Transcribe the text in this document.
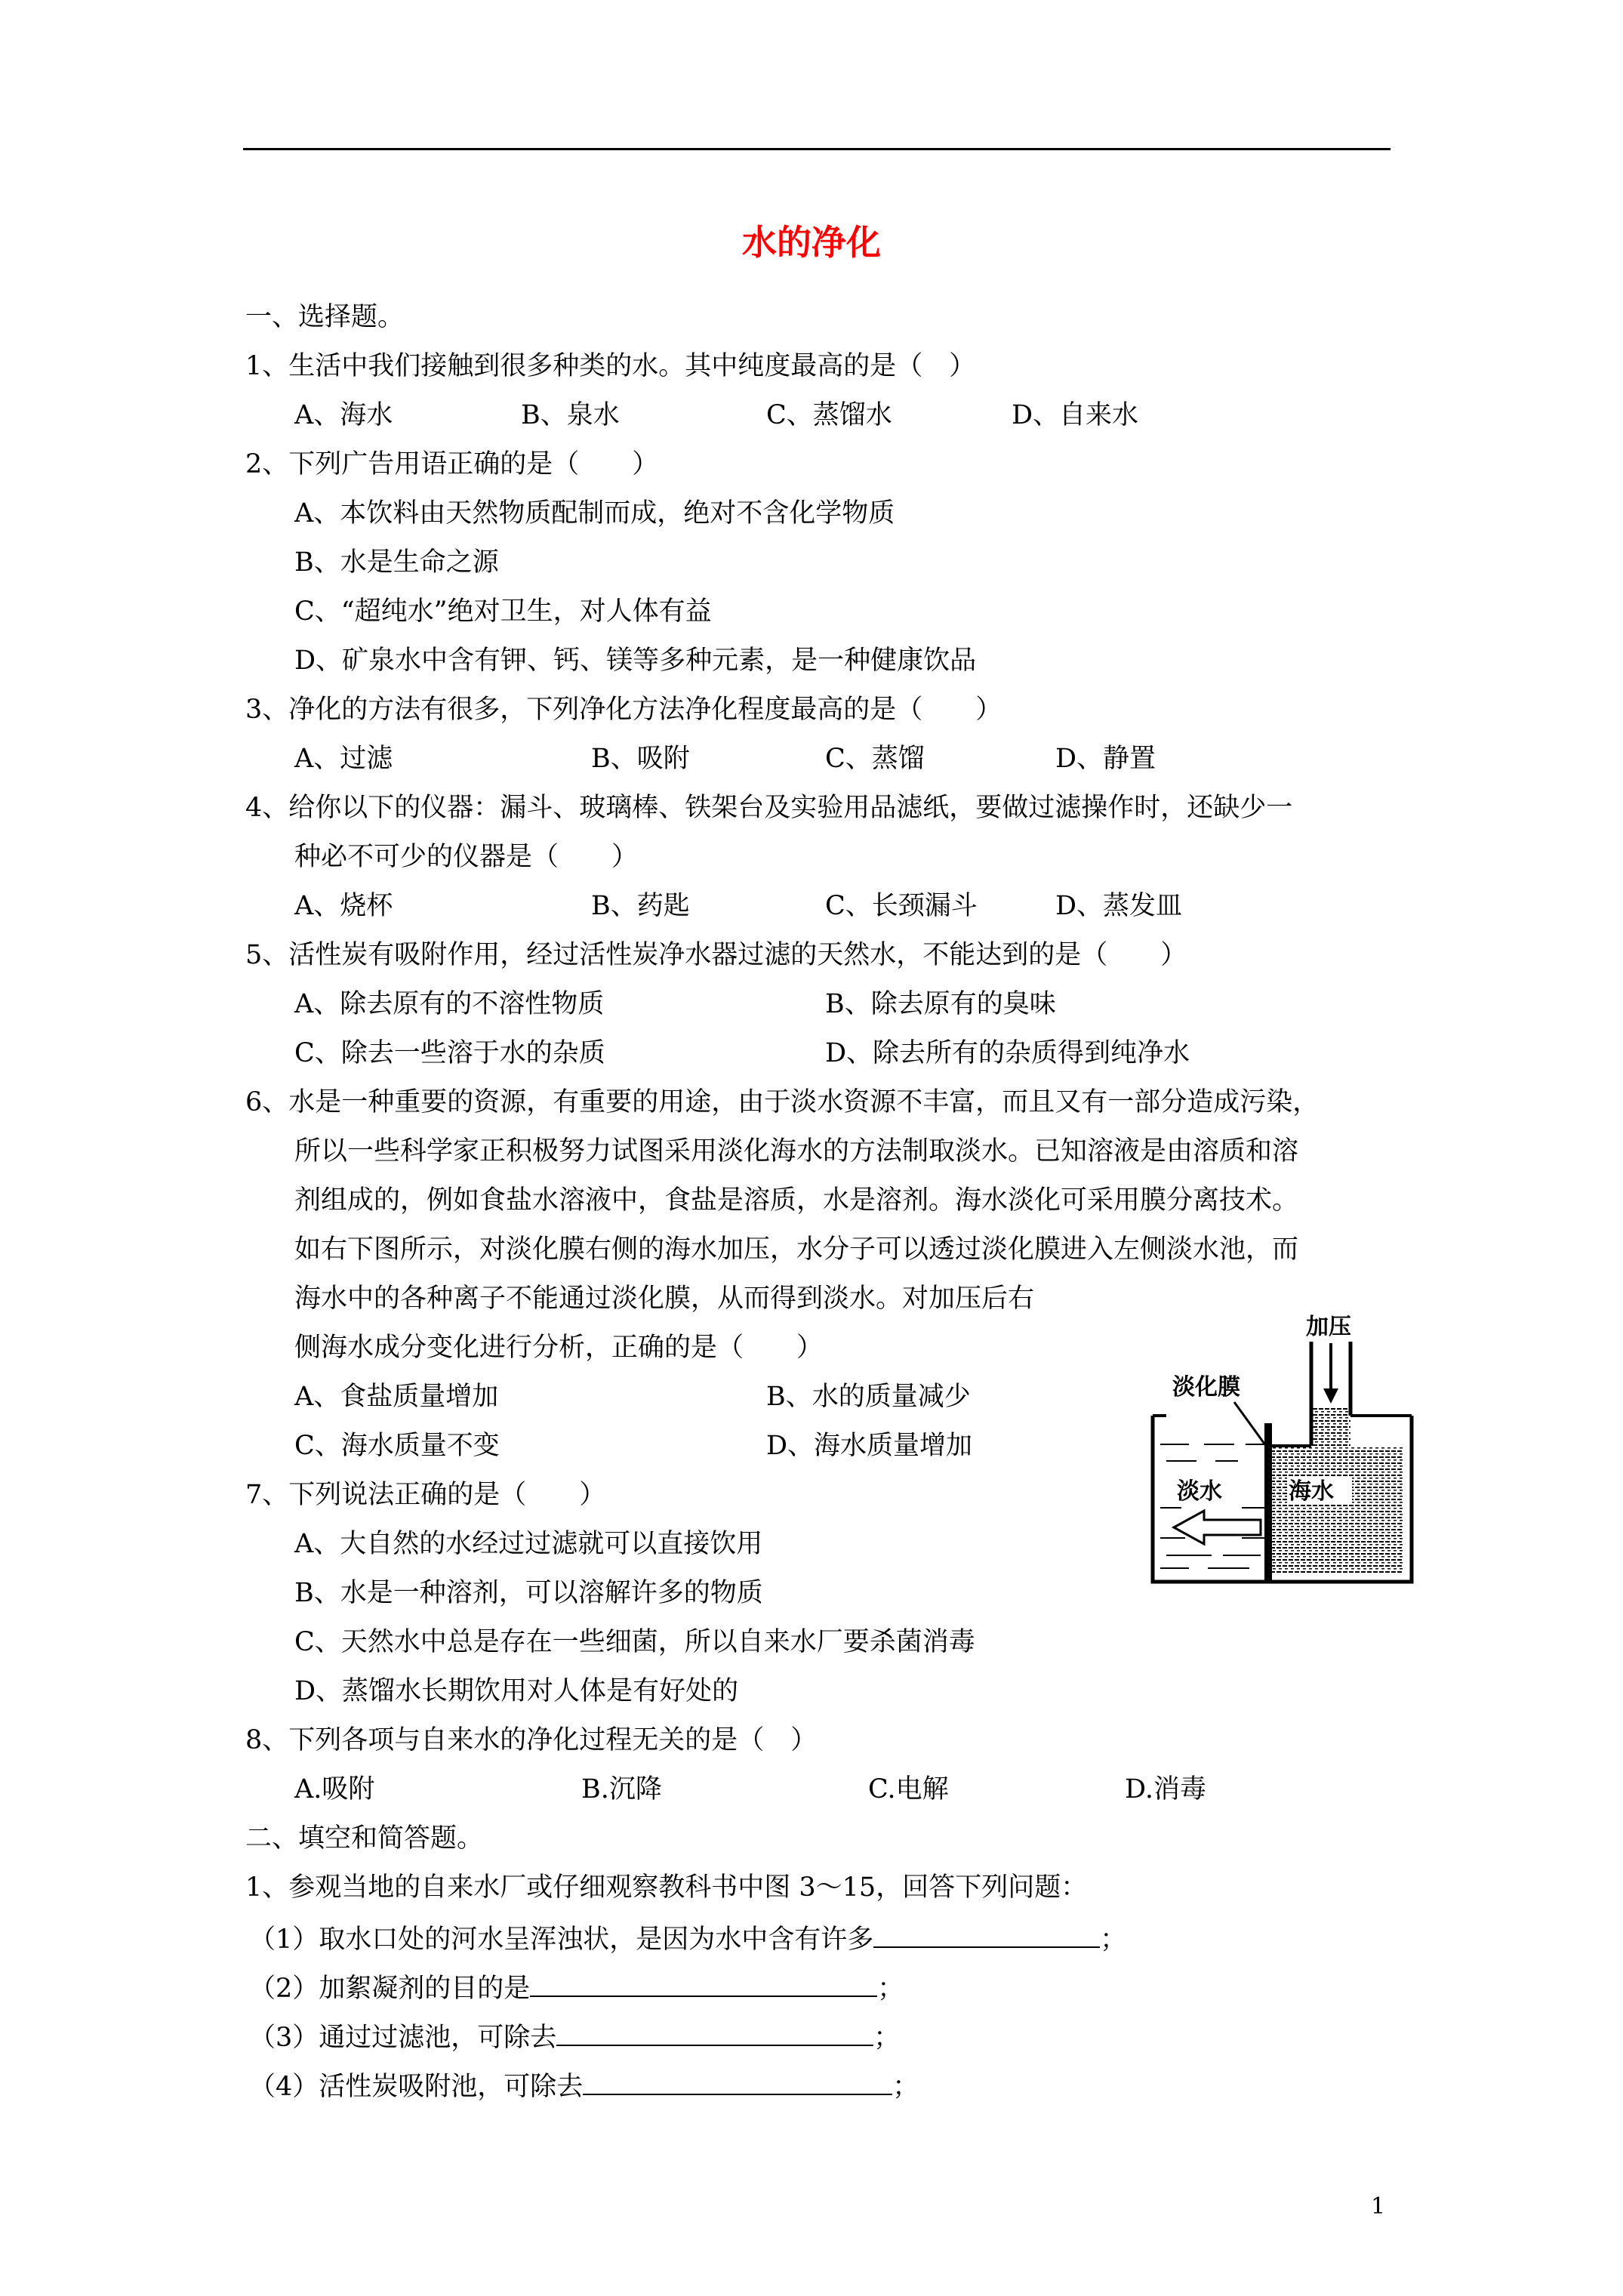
水的净化
一、选择题。
1、生活中我们接触到很多种类的水。其中纯度最高的是（　）
A、海水	B、泉水	C、蒸馏水	D、自来水
2、下列广告用语正确的是（　　）
A、本饮料由天然物质配制而成，绝对不含化学物质
B、水是生命之源
C、“超纯水”绝对卫生，对人体有益
D、矿泉水中含有钾、钙、镁等多种元素，是一种健康饮品
3、净化的方法有很多，下列净化方法净化程度最高的是（　　）
A、过滤	B、吸附	C、蒸馏	D、静置
4、给你以下的仪器：漏斗、玻璃棒、铁架台及实验用品滤纸，要做过滤操作时，还缺少一
种必不可少的仪器是（　　）
A、烧杯	B、药匙	C、长颈漏斗	D、蒸发皿
5、活性炭有吸附作用，经过活性炭净水器过滤的天然水，不能达到的是（　　）
A、除去原有的不溶性物质	B、除去原有的臭味
C、除去一些溶于水的杂质	D、除去所有的杂质得到纯净水
6、水是一种重要的资源，有重要的用途，由于淡水资源不丰富，而且又有一部分造成污染，
所以一些科学家正积极努力试图采用淡化海水的方法制取淡水。已知溶液是由溶质和溶
剂组成的，例如食盐水溶液中，食盐是溶质，水是溶剂。海水淡化可采用膜分离技术。
如右下图所示，对淡化膜右侧的海水加压，水分子可以透过淡化膜进入左侧淡水池，而
海水中的各种离子不能通过淡化膜，从而得到淡水。对加压后右
侧海水成分变化进行分析，正确的是（　　）
A、食盐质量增加	B、水的质量减少
C、海水质量不变	D、海水质量增加
加压
淡化膜
淡水	海水
7、下列说法正确的是（　　）
A、大自然的水经过过滤就可以直接饮用
B、水是一种溶剂，可以溶解许多的物质
C、天然水中总是存在一些细菌，所以自来水厂要杀菌消毒
D、蒸馏水长期饮用对人体是有好处的
8、下列各项与自来水的净化过程无关的是（　）
A.吸附	B.沉降	C.电解	D.消毒
二、填空和简答题。
1、参观当地的自来水厂或仔细观察教科书中图 3～15，回答下列问题：
（1）取水口处的河水呈浑浊状，是因为水中含有许多	；
（2）加絮凝剂的目的是	；
（3）通过过滤池，可除去	；
（4）活性炭吸附池，可除去	；
1
